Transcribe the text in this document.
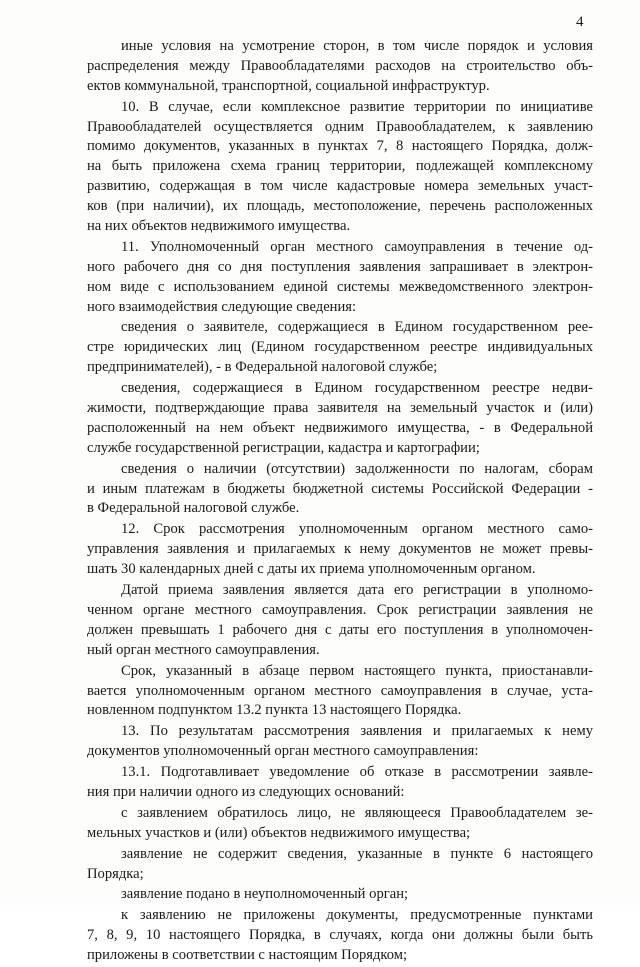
4
иные условия на усмотрение сторон, в том числе порядок и условия
распределения между Правообладателями расходов на строительство объ-
ектов коммунальной, транспортной, социальной инфраструктур.
10. В случае, если комплексное развитие территории по инициативе
Правообладателей осуществляется одним Правообладателем, к заявлению
помимо документов, указанных в пунктах 7, 8 настоящего Порядка, долж-
на быть приложена схема границ территории, подлежащей комплексному
развитию, содержащая в том числе кадастровые номера земельных участ-
ков (при наличии), их площадь, местоположение, перечень расположенных
на них объектов недвижимого имущества.
11. Уполномоченный орган местного самоуправления в течение од-
ного рабочего дня со дня поступления заявления запрашивает в электрон-
ном виде с использованием единой системы межведомственного электрон-
ного взаимодействия следующие сведения:
сведения о заявителе, содержащиеся в Едином государственном рее-
стре юридических лиц (Едином государственном реестре индивидуальных
предпринимателей), - в Федеральной налоговой службе;
сведения, содержащиеся в Едином государственном реестре недви-
жимости, подтверждающие права заявителя на земельный участок и (или)
расположенный на нем объект недвижимого имущества, - в Федеральной
службе государственной регистрации, кадастра и картографии;
сведения о наличии (отсутствии) задолженности по налогам, сборам
и иным платежам в бюджеты бюджетной системы Российской Федерации -
в Федеральной налоговой службе.
12. Срок рассмотрения уполномоченным органом местного само-
управления заявления и прилагаемых к нему документов не может превы-
шать 30 календарных дней с даты их приема уполномоченным органом.
Датой приема заявления является дата его регистрации в уполномо-
ченном органе местного самоуправления. Срок регистрации заявления не
должен превышать 1 рабочего дня с даты его поступления в уполномочен-
ный орган местного самоуправления.
Срок, указанный в абзаце первом настоящего пункта, приостанавли-
вается уполномоченным органом местного самоуправления в случае, уста-
новленном подпунктом 13.2 пункта 13 настоящего Порядка.
13. По результатам рассмотрения заявления и прилагаемых к нему
документов уполномоченный орган местного самоуправления:
13.1. Подготавливает уведомление об отказе в рассмотрении заявле-
ния при наличии одного из следующих оснований:
с заявлением обратилось лицо, не являющееся Правообладателем зе-
мельных участков и (или) объектов недвижимого имущества;
заявление не содержит сведения, указанные в пункте 6 настоящего
Порядка;
заявление подано в неуполномоченный орган;
к заявлению не приложены документы, предусмотренные пунктами
7, 8, 9, 10 настоящего Порядка, в случаях, когда они должны были быть
приложены в соответствии с настоящим Порядком;
